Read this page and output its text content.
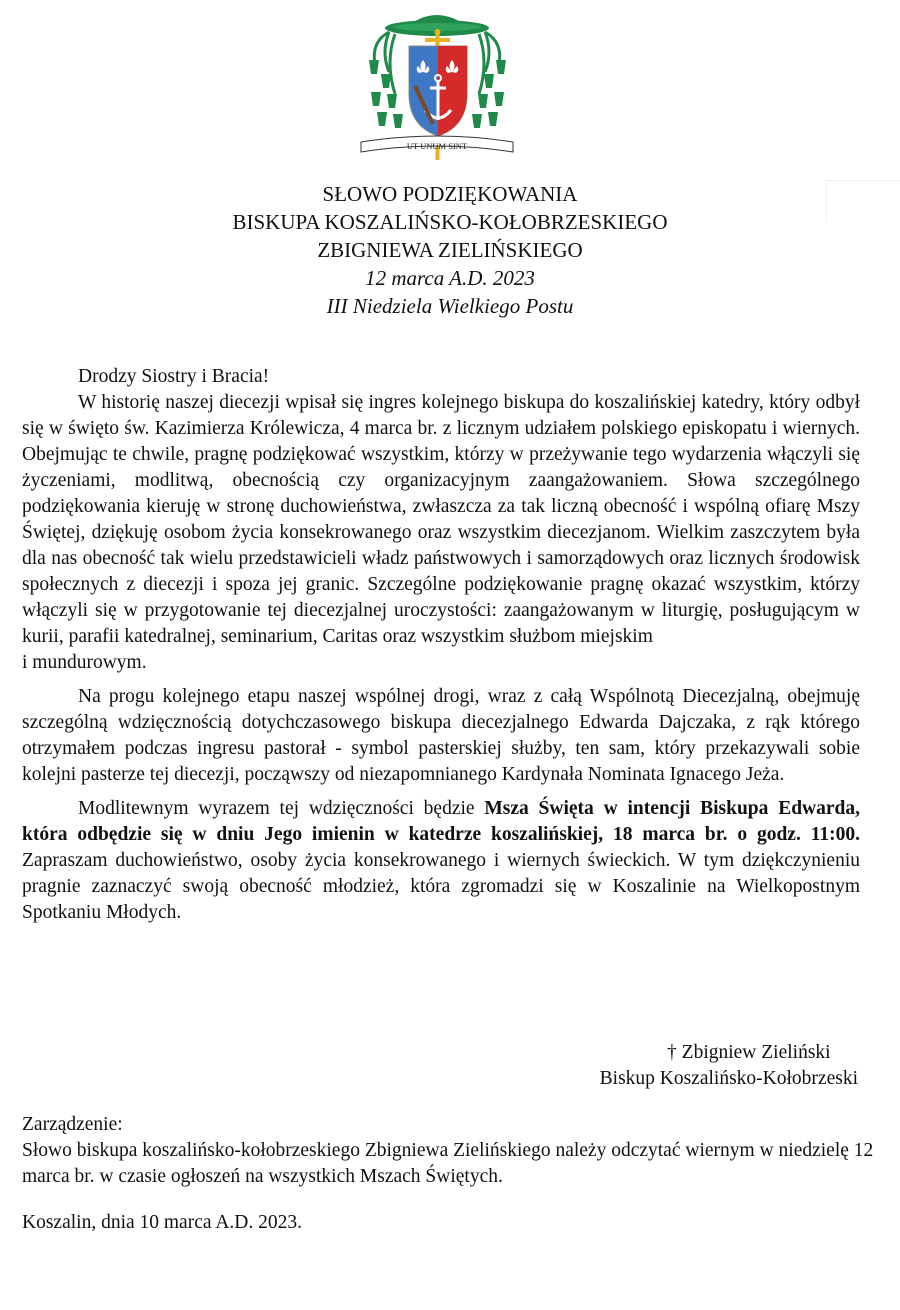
UT UNUM SINT
SŁOWO PODZIĘKOWANIA
BISKUPA KOSZALIŃSKO-KOŁOBRZESKIEGO
ZBIGNIEWA ZIELIŃSKIEGO
12 marca A.D. 2023
III Niedziela Wielkiego Postu

Drodzy Siostry i Bracia!

W historię naszej diecezji wpisał się ingres kolejnego biskupa do koszalińskiej katedry, który odbył się w święto św. Kazimierza Królewicza, 4 marca br. z licznym udziałem polskiego episkopatu i wiernych. Obejmując te chwile, pragnę podziękować wszystkim, którzy w przeżywanie tego wydarzenia włączyli się życzeniami, modlitwą, obecnością czy organizacyjnym zaangażowaniem. Słowa szczególnego podziękowania kieruję w stronę duchowieństwa, zwłaszcza za tak liczną obecność i wspólną ofiarę Mszy Świętej, dziękuję osobom życia konsekrowanego oraz wszystkim diecezjanom. Wielkim zaszczytem była dla nas obecność tak wielu przedstawicieli władz państwowych i samorządowych oraz licznych środowisk społecznych z diecezji i spoza jej granic. Szczególne podziękowanie pragnę okazać wszystkim, którzy włączyli się w przygotowanie tej diecezjalnej uroczystości: zaangażowanym w liturgię, posługującym w kurii, parafii katedralnej, seminarium, Caritas oraz wszystkim służbom miejskim

i mundurowym.

Na progu kolejnego etapu naszej wspólnej drogi, wraz z całą Wspólnotą Diecezjalną, obejmuję szczególną wdzięcznością dotychczasowego biskupa diecezjalnego Edwarda Dajczaka, z rąk którego otrzymałem podczas ingresu pastorał - symbol pasterskiej służby, ten sam, który przekazywali sobie kolejni pasterze tej diecezji, począwszy od niezapomnianego Kardynała Nominata Ignacego Jeża.

Modlitewnym wyrazem tej wdzięczności będzie Msza Święta w intencji Biskupa Edwarda, która odbędzie się w dniu Jego imienin w katedrze koszalińskiej, 18 marca br. o godz. 11:00. Zapraszam duchowieństwo, osoby życia konsekrowanego i wiernych świeckich. W tym dziękczynieniu pragnie zaznaczyć swoją obecność młodzież, która zgromadzi się w Koszalinie na Wielkopostnym Spotkaniu Młodych.

† Zbigniew Zieliński
Biskup Koszalińsko-Kołobrzeski
Zarządzenie:
Słowo biskupa koszalińsko-kołobrzeskiego Zbigniewa Zielińskiego należy odczytać wiernym w niedzielę 12 marca br. w czasie ogłoszeń na wszystkich Mszach Świętych.
Koszalin, dnia 10 marca A.D. 2023.
